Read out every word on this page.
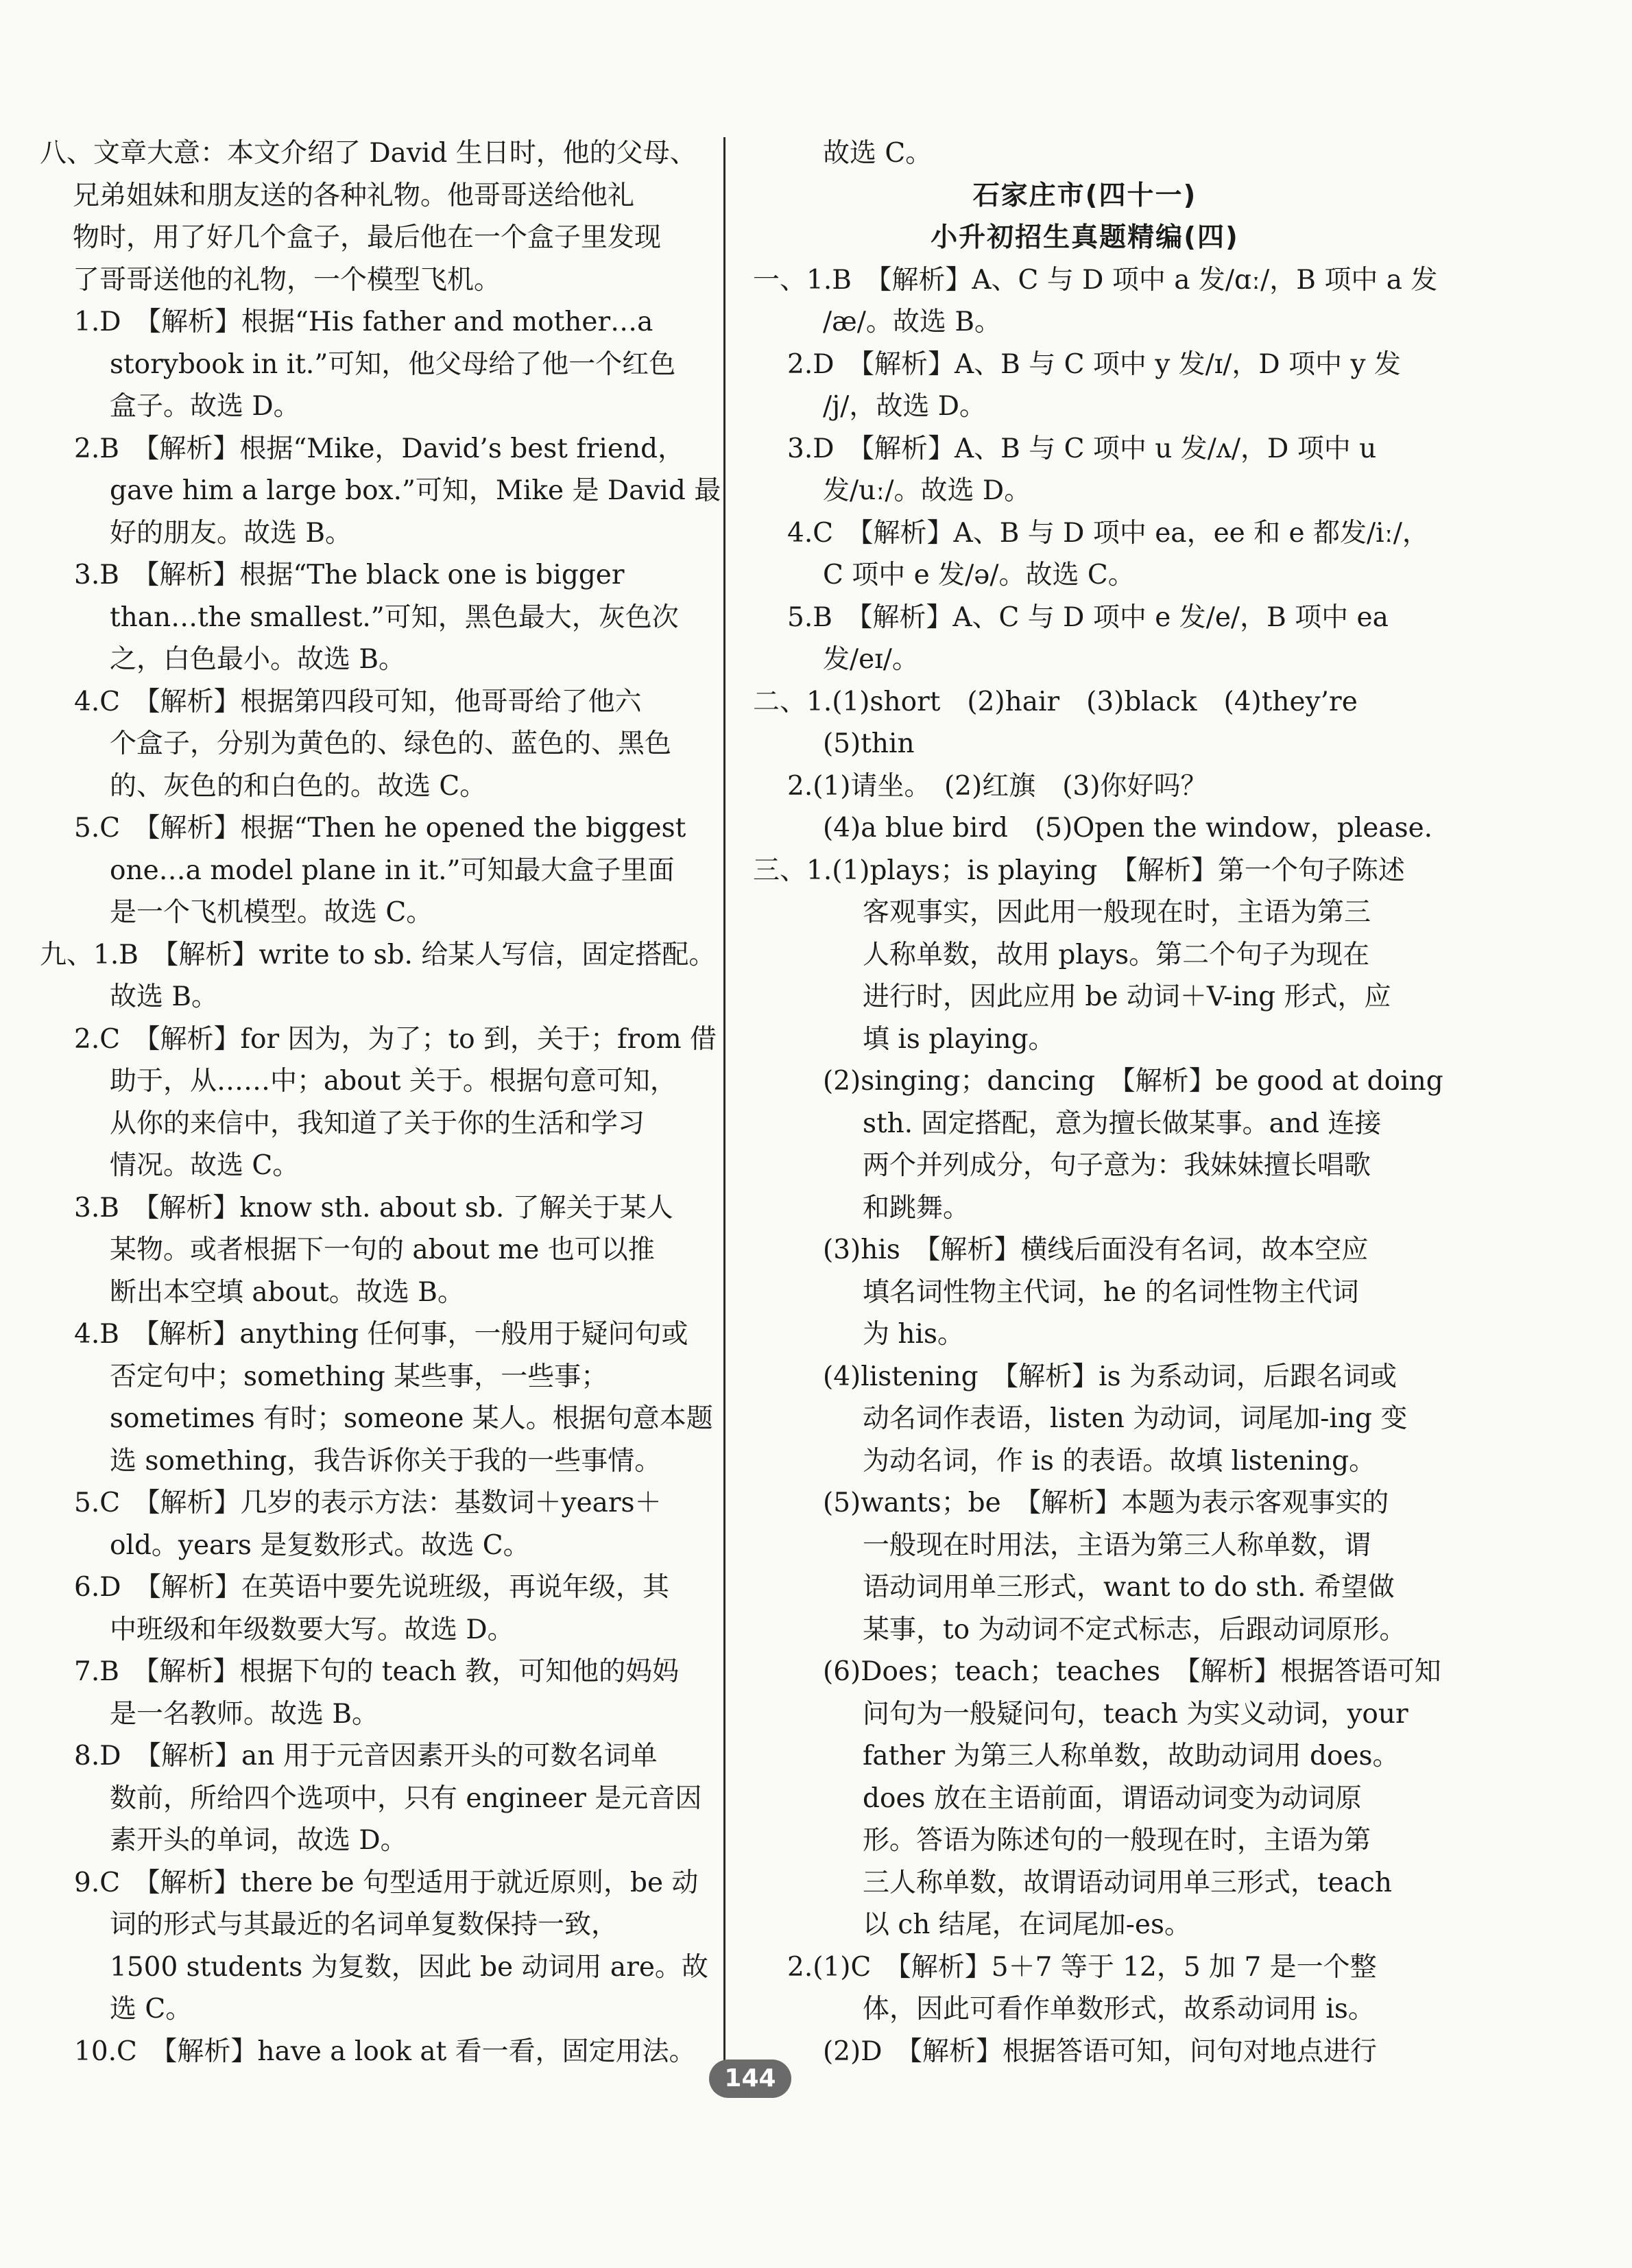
八、文章大意：本文介绍了 David 生日时，他的父母、
兄弟姐妹和朋友送的各种礼物。他哥哥送给他礼
物时，用了好几个盒子，最后他在一个盒子里发现
了哥哥送他的礼物，一个模型飞机。
1.D　【解析】根据“His father and mother…a
storybook in it.”可知，他父母给了他一个红色
盒子。故选 D。
2.B　【解析】根据“Mike，David’s best friend，
gave him a large box.”可知，Mike 是 David 最
好的朋友。故选 B。
3.B　【解析】根据“The black one is bigger
than…the smallest.”可知，黑色最大，灰色次
之，白色最小。故选 B。
4.C　【解析】根据第四段可知，他哥哥给了他六
个盒子，分别为黄色的、绿色的、蓝色的、黑色
的、灰色的和白色的。故选 C。
5.C　【解析】根据“Then he opened the biggest
one…a model plane in it.”可知最大盒子里面
是一个飞机模型。故选 C。
九、1.B　【解析】write to sb. 给某人写信，固定搭配。
故选 B。
2.C　【解析】for 因为，为了；to 到，关于；from 借
助于，从……中；about 关于。根据句意可知，
从你的来信中，我知道了关于你的生活和学习
情况。故选 C。
3.B　【解析】know sth. about sb. 了解关于某人
某物。或者根据下一句的 about me 也可以推
断出本空填 about。故选 B。
4.B　【解析】anything 任何事，一般用于疑问句或
否定句中；something 某些事，一些事；
sometimes 有时；someone 某人。根据句意本题
选 something，我告诉你关于我的一些事情。
5.C　【解析】几岁的表示方法：基数词＋years＋
old。years 是复数形式。故选 C。
6.D　【解析】在英语中要先说班级，再说年级，其
中班级和年级数要大写。故选 D。
7.B　【解析】根据下句的 teach 教，可知他的妈妈
是一名教师。故选 B。
8.D　【解析】an 用于元音因素开头的可数名词单
数前，所给四个选项中，只有 engineer 是元音因
素开头的单词，故选 D。
9.C　【解析】there be 句型适用于就近原则，be 动
词的形式与其最近的名词单复数保持一致，
1500 students 为复数，因此 be 动词用 are。故
选 C。
10.C　【解析】have a look at 看一看，固定用法。
故选 C。
石家庄市(四十一)
小升初招生真题精编(四)
一、1.B　【解析】A、C 与 D 项中 a 发/ɑː/，B 项中 a 发
/æ/。故选 B。
2.D　【解析】A、B 与 C 项中 y 发/ɪ/，D 项中 y 发
/j/，故选 D。
3.D　【解析】A、B 与 C 项中 u 发/ʌ/，D 项中 u
发/uː/。故选 D。
4.C　【解析】A、B 与 D 项中 ea，ee 和 e 都发/iː/，
C 项中 e 发/ə/。故选 C。
5.B　【解析】A、C 与 D 项中 e 发/e/，B 项中 ea
发/eɪ/。
二、1.(1)short　(2)hair　(3)black　(4)they’re
(5)thin
2.(1)请坐。　(2)红旗　(3)你好吗？
(4)a blue bird　(5)Open the window，please.
三、1.(1)plays；is playing　【解析】第一个句子陈述
客观事实，因此用一般现在时，主语为第三
人称单数，故用 plays。第二个句子为现在
进行时，因此应用 be 动词＋V-ing 形式，应
填 is playing。
(2)singing；dancing　【解析】be good at doing
sth. 固定搭配，意为擅长做某事。and 连接
两个并列成分，句子意为：我妹妹擅长唱歌
和跳舞。
(3)his　【解析】横线后面没有名词，故本空应
填名词性物主代词，he 的名词性物主代词
为 his。
(4)listening　【解析】is 为系动词，后跟名词或
动名词作表语，listen 为动词，词尾加-ing 变
为动名词，作 is 的表语。故填 listening。
(5)wants；be　【解析】本题为表示客观事实的
一般现在时用法，主语为第三人称单数，谓
语动词用单三形式，want to do sth. 希望做
某事，to 为动词不定式标志，后跟动词原形。
(6)Does；teach；teaches　【解析】根据答语可知
问句为一般疑问句，teach 为实义动词，your
father 为第三人称单数，故助动词用 does。
does 放在主语前面，谓语动词变为动词原
形。答语为陈述句的一般现在时，主语为第
三人称单数，故谓语动词用单三形式，teach
以 ch 结尾，在词尾加-es。
2.(1)C　【解析】5＋7 等于 12，5 加 7 是一个整
体，因此可看作单数形式，故系动词用 is。
(2)D　【解析】根据答语可知，问句对地点进行
144
